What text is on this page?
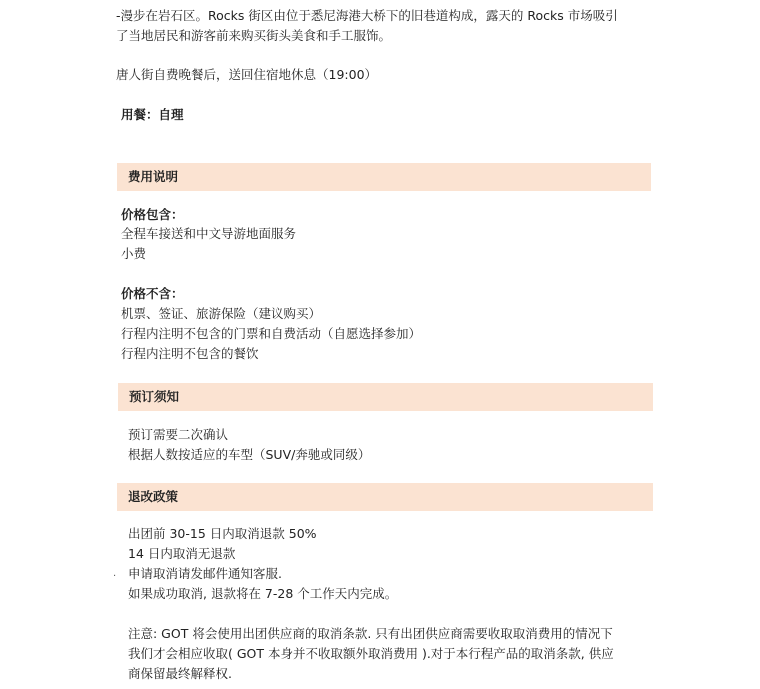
-漫步在岩石区。Rocks 街区由位于悉尼海港大桥下的旧巷道构成，露天的 Rocks 市场吸引
了当地居民和游客前来购买街头美食和手工服饰。
唐人街自费晚餐后，送回住宿地休息（19:00）
用餐：自理
费用说明
价格包含：
全程车接送和中文导游地面服务
小费
价格不含：
机票、签证、旅游保险（建议购买）
行程内注明不包含的门票和自费活动（自愿选择参加）
行程内注明不包含的餐饮
预订须知
预订需要二次确认
根据人数按适应的车型（SUV/奔驰或同级）
退改政策
出团前 30-15 日内取消退款 50%
14 日内取消无退款
· 申请取消请发邮件通知客服.
如果成功取消, 退款将在 7-28 个工作天内完成。
注意: GOT 将会使用出团供应商的取消条款. 只有出团供应商需要收取取消费用的情况下
我们才会相应收取( GOT 本身并不收取额外取消费用 ).对于本行程产品的取消条款, 供应
商保留最终解释权.
